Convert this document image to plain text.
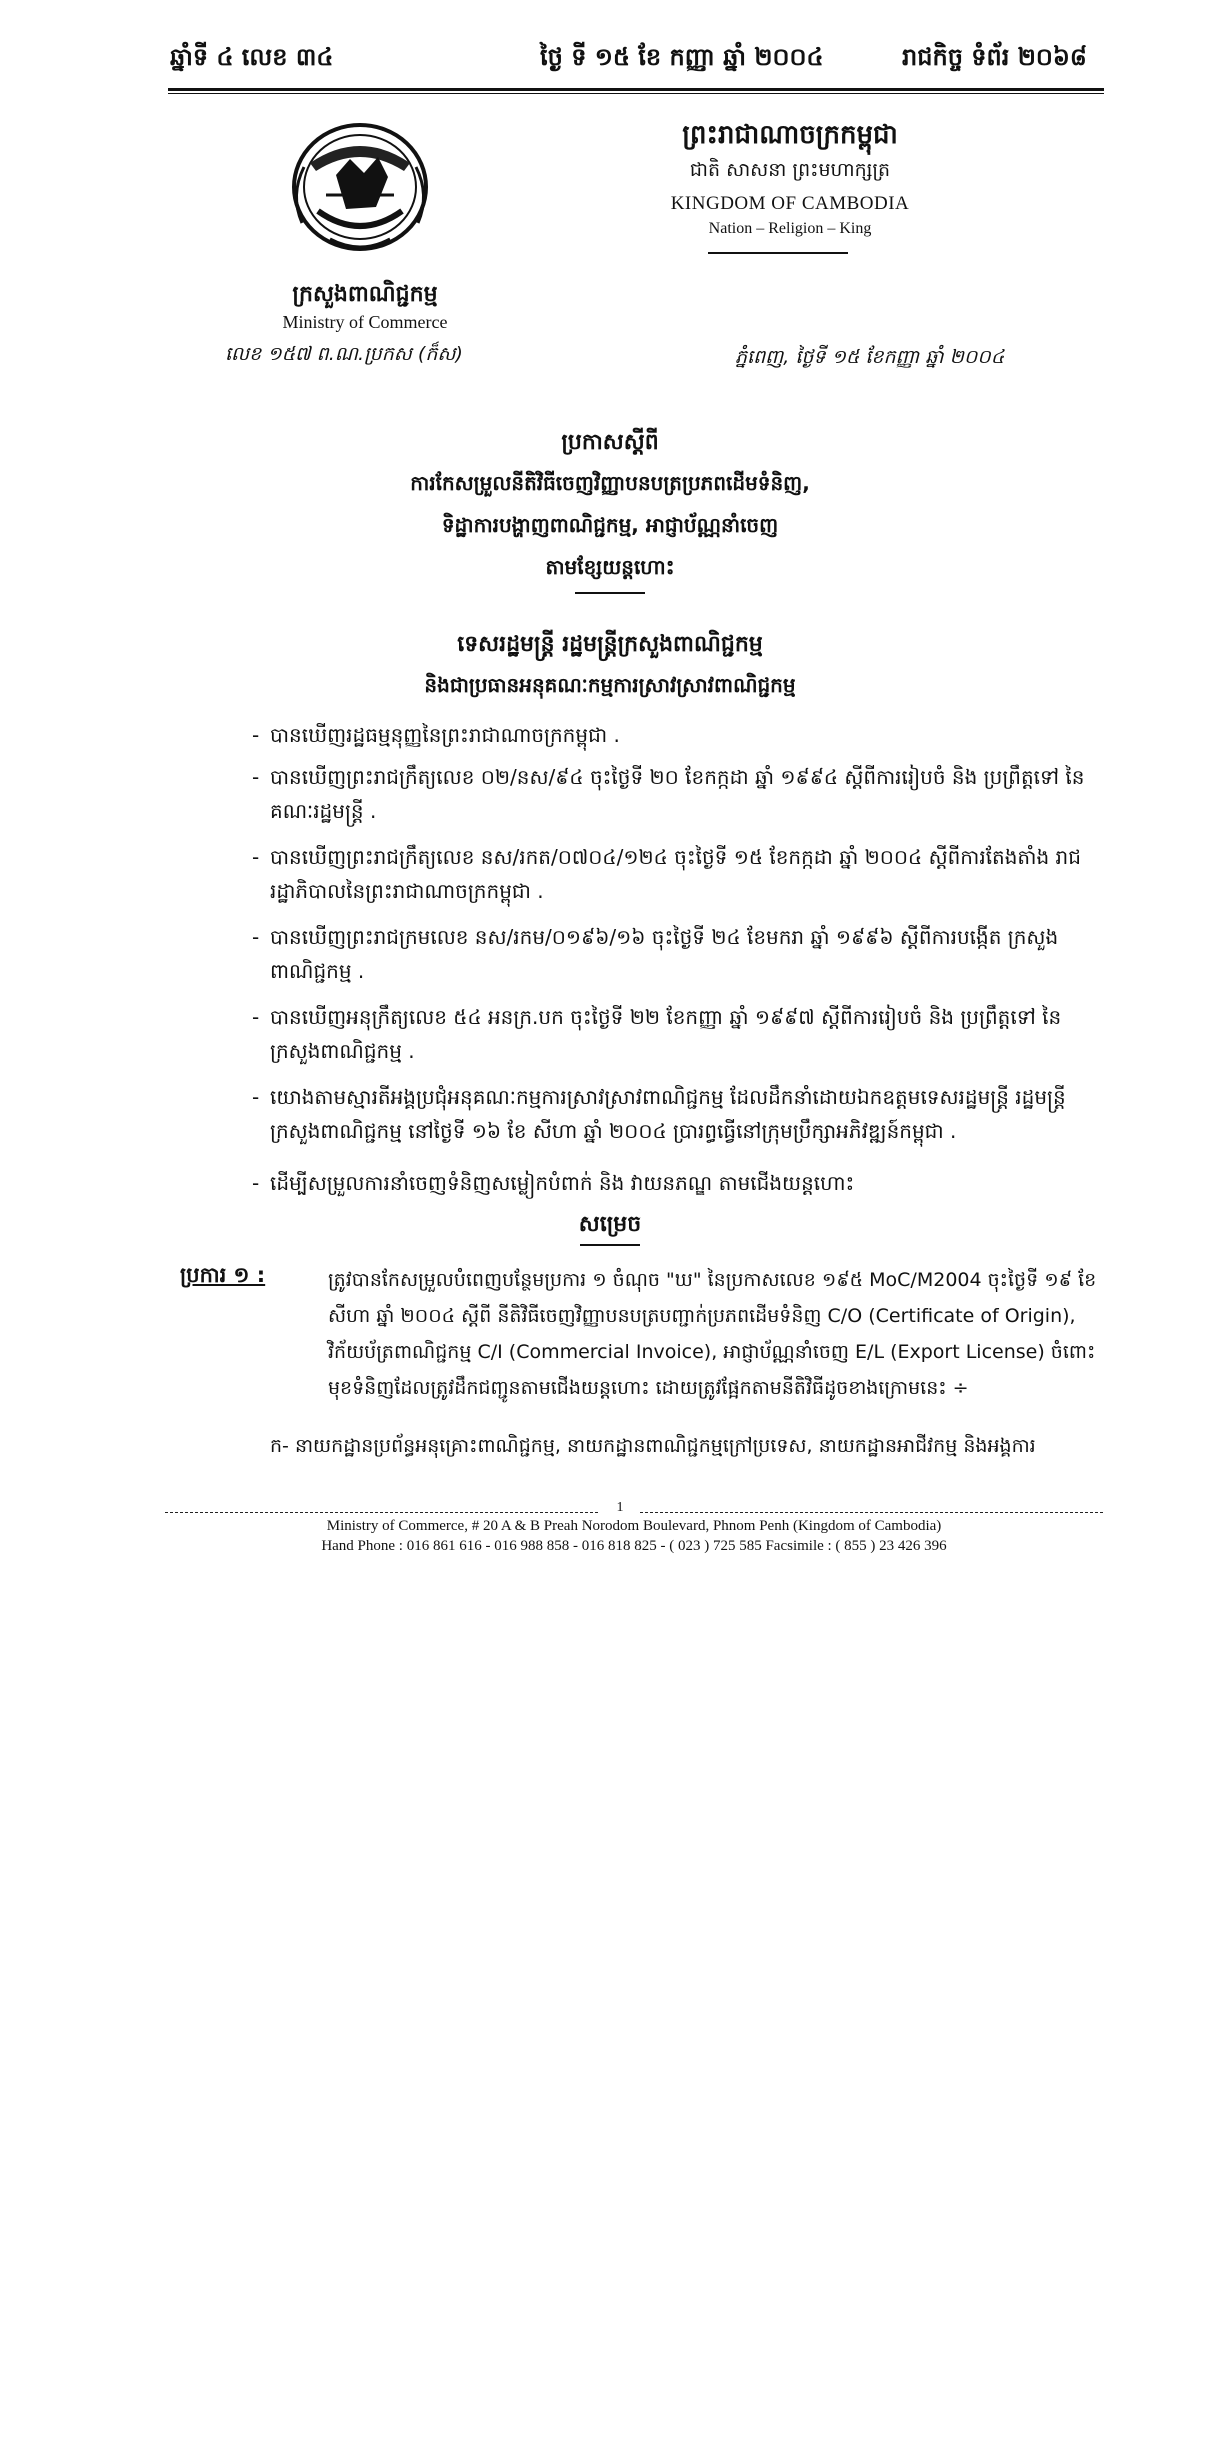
ឆ្នាំទី ៤ លេខ ៣៤	ថ្ងៃ ទី ១៥ ខែ កញ្ញា ឆ្នាំ ២០០៤	រាជកិច្ច ទំព័រ ២០៦៨
ព្រះរាជាណាចក្រកម្ពុជា
ជាតិ សាសនា ព្រះមហាក្សត្រ
KINGDOM OF CAMBODIA
Nation – Religion – King
ក្រសួងពាណិជ្ជកម្ម
Ministry of Commerce
លេខ ១៥៧ ព.ណ.ប្រកស (ក៏ស)	ភ្នំពេញ, ថ្ងៃទី ១៥ ខែកញ្ញា ឆ្នាំ ២០០៤
ប្រកាសស្តីពី
ការកែសម្រួលនីតិវិធីចេញវិញ្ញាបនបត្រប្រភពដើមទំនិញ,
ទិដ្ឋាការបង្ហាញពាណិជ្ជកម្ម, អាជ្ញាប័ណ្ណនាំចេញ
តាមខ្សែយន្តហោះ
ទេសរដ្ឋមន្ត្រី រដ្ឋមន្ត្រីក្រសួងពាណិជ្ជកម្ម
និងជាប្រធានអនុគណៈកម្មការស្រាវស្រាវពាណិជ្ជកម្ម
- បានឃើញរដ្ឋធម្មនុញ្ញនៃព្រះរាជាណាចក្រកម្ពុជា .
- បានឃើញព្រះរាជក្រឹត្យលេខ ០២/នស/៩៤ ចុះថ្ងៃទី ២០ ខែកក្កដា ឆ្នាំ ១៩៩៤ ស្តីពីការរៀបចំ និង ប្រព្រឹត្តទៅ នៃគណៈរដ្ឋមន្ត្រី .
- បានឃើញព្រះរាជក្រឹត្យលេខ នស/រកត/០៧០៤/១២៤ ចុះថ្ងៃទី ១៥ ខែកក្កដា ឆ្នាំ ២០០៤ ស្តីពីការតែងតាំង រាជរដ្ឋាភិបាលនៃព្រះរាជាណាចក្រកម្ពុជា .
- បានឃើញព្រះរាជក្រមលេខ នស/រកម/០១៩៦/១៦ ចុះថ្ងៃទី ២៤ ខែមករា ឆ្នាំ ១៩៩៦ ស្តីពីការបង្កើត ក្រសួងពាណិជ្ជកម្ម .
- បានឃើញអនុក្រឹត្យលេខ ៥៤ អនក្រ.បក ចុះថ្ងៃទី ២២ ខែកញ្ញា ឆ្នាំ ១៩៩៧ ស្តីពីការរៀបចំ និង ប្រព្រឹត្តទៅ នៃក្រសួងពាណិជ្ជកម្ម .
- យោងតាមស្មារតីអង្គប្រជុំអនុគណៈកម្មការស្រាវស្រាវពាណិជ្ជកម្ម ដែលដឹកនាំដោយឯកឧត្តមទេសរដ្ឋមន្ត្រី រដ្ឋមន្ត្រី ក្រសួងពាណិជ្ជកម្ម នៅថ្ងៃទី ១៦ ខែ សីហា ឆ្នាំ ២០០៤ ប្រារព្ធធ្វើនៅក្រុមប្រឹក្សាអភិវឌ្ឍន៍កម្ពុជា .
- ដើម្បីសម្រួលការនាំចេញទំនិញសម្លៀកបំពាក់ និង វាយនភណ្ឌ តាមជើងយន្តហោះ
សម្រេច
ប្រការ ១ :	ត្រូវបានកែសម្រួលបំពេញបន្ថែមប្រការ ១ ចំណុច "ឃ" នៃប្រកាសលេខ ១៩៥ MoC/M2004 ចុះថ្ងៃទី ១៩ ខែសីហា ឆ្នាំ ២០០៤ ស្តីពី នីតិវិធីចេញវិញ្ញាបនបត្របញ្ជាក់ប្រភពដើមទំនិញ C/O (Certificate of Origin), វិក័យប័ត្រពាណិជ្ជកម្ម C/I (Commercial Invoice), អាជ្ញាប័ណ្ណនាំចេញ E/L (Export License) ចំពោះមុខទំនិញដែលត្រូវដឹកជញ្ជូនតាមជើងយន្តហោះ ដោយត្រូវផ្អែកតាមនីតិវិធីដូចខាងក្រោមនេះ ÷
ក- នាយកដ្ឋានប្រព័ន្ធអនុគ្រោះពាណិជ្ជកម្ម, នាយកដ្ឋានពាណិជ្ជកម្មក្រៅប្រទេស, នាយកដ្ឋានអាជីវកម្ម និងអង្គការ
1
Ministry of Commerce, # 20 A & B Preah Norodom Boulevard, Phnom Penh (Kingdom of Cambodia)
Hand Phone : 016 861 616 - 016 988 858 - 016 818 825 - ( 023 ) 725 585 Facsimile : ( 855 ) 23 426 396
